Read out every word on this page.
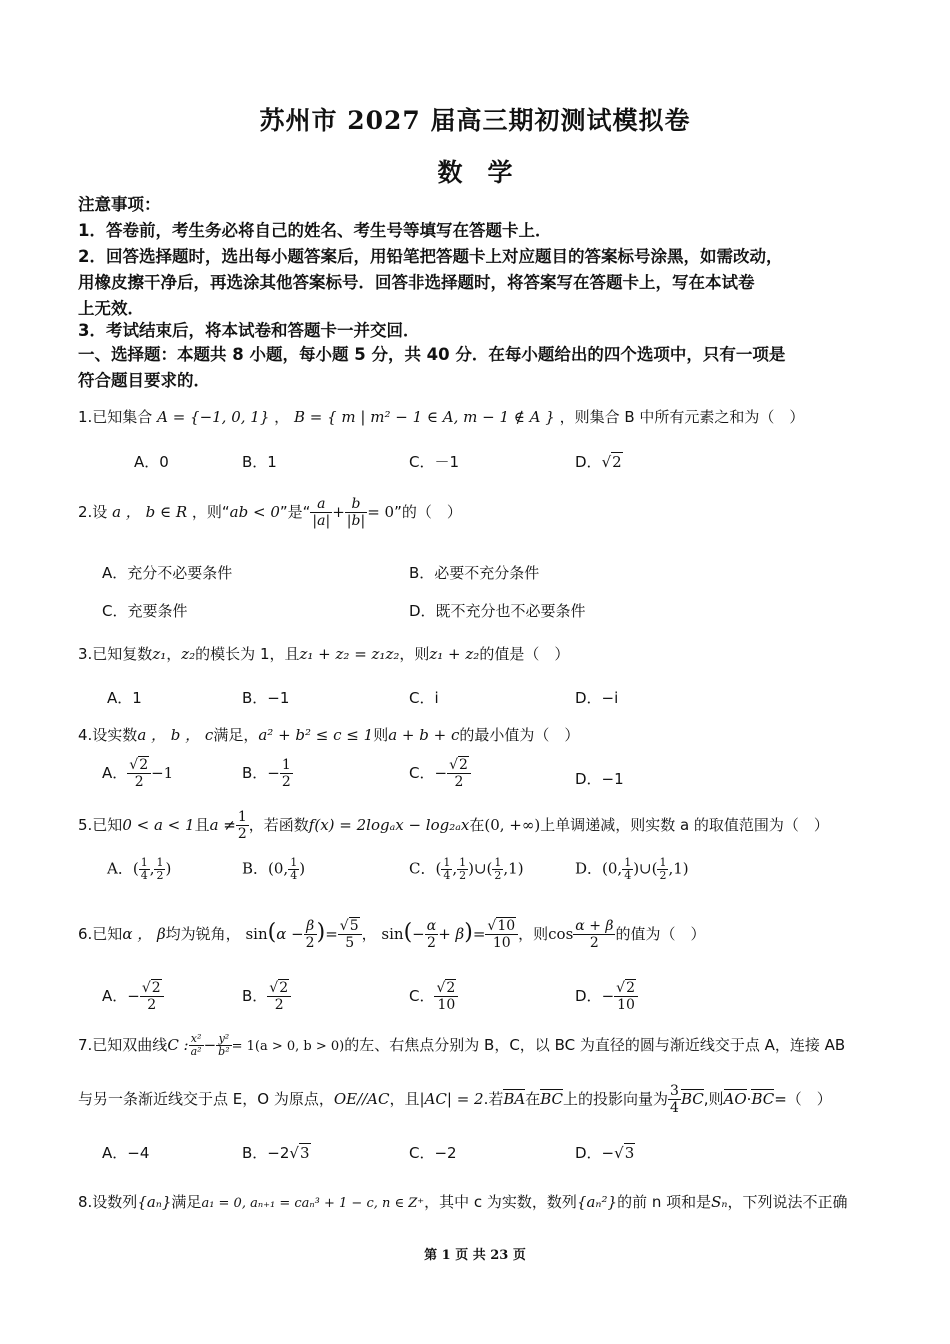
苏州市 2027 届高三期初测试模拟卷
数　学
注意事项：
1．答卷前，考生务必将自己的姓名、考生号等填写在答题卡上．
2．回答选择题时，选出每小题答案后，用铅笔把答题卡上对应题目的答案标号涂黑，如需改动，
用橡皮擦干净后，再选涂其他答案标号．回答非选择题时，将答案写在答题卡上，写在本试卷
上无效．
3．考试结束后，将本试卷和答题卡一并交回．
一、选择题：本题共 8 小题，每小题 5 分，共 40 分．在每小题给出的四个选项中，只有一项是
符合题目要求的．
1.已知集合 A = {−1, 0, 1} ， B = { m | m² − 1 ∈ A, m − 1 ∉ A } ，则集合 B 中所有元素之和为（　）
A．0	B．1	C．－1	D．√2
2.设 a ， b ∈ R ，则“ab < 0”是“ $\frac{a}{|a|} + \frac{b}{|b|} = 0$”的（　）
A．充分不必要条件	B．必要不充分条件
C．充要条件	D．既不充分也不必要条件
3.已知复数z₁，z₂的模长为 1，且z₁ + z₂ = z₁z₂，则z₁ + z₂的值是（　）
A．1	B．−1	C．i	D．−i
4.设实数a ， b ， c满足，a² + b² ≤ c ≤ 1则a + b + c的最小值为（　）
A． $\frac{√2}{2} -1$	B．− $\frac{1}{2}$	C．− $\frac{√2}{2}$	D．−1
5.已知0 < a < 1且$a \ne \frac{1}{2}$ ，若函数f(x) = 2logₐx − log₂ₐx在(0, +∞)上单调递减，则实数 a 的取值范围为（　）
A．( $\frac{1}{4}$ , $\frac{1}{2}$ )	B．(0, $\frac{1}{4}$ )	C．( $\frac{1}{4}$ , $\frac{1}{2}$ )∪( $\frac{1}{2} ,1$)	D．(0, $\frac{1}{4}$ )∪( $\frac{1}{2} ,1$)
6.已知α ， β均为锐角， $\sin(\alpha - \frac{\beta}{2}$ )= $\frac{√5}{5}$ ， $\sin(- \frac{\alpha}{2} + \beta)= \frac{√10}{10}$ ，则$\cos \frac{\alpha + \beta}{2}$ 的值为（　）
A．− $\frac{√2}{2}$	B． $\frac{√2}{2}$	C． $\frac{√2}{10}$	D．− $\frac{√2}{10}$
7.已知双曲线C : $\frac{\text{x²}}{\text{a²}} - \frac{\text{y²}}{\text{b²}} = 1(a > 0$, b > 0)的左、右焦点分别为 B，C，以 BC 为直径的圆与渐近线交于点 A，连接 AB
与另一条渐近线交于点 E，O 为原点，OE//AC，且|AC| = 2.若BA在BC上的投影向量为 $\frac{3}{4}$ BC,则AO·BC=（　）
A．−4	B．−2√3	C．−2	D．−√3
8.设数列{aₙ}满足a₁ = 0, aₙ₊₁ = caₙ³ + 1 − c, n ∈ Z⁺，其中 c 为实数，数列{aₙ²}的前 n 项和是Sₙ，下列说法不正确
第 1 页 共 23 页
